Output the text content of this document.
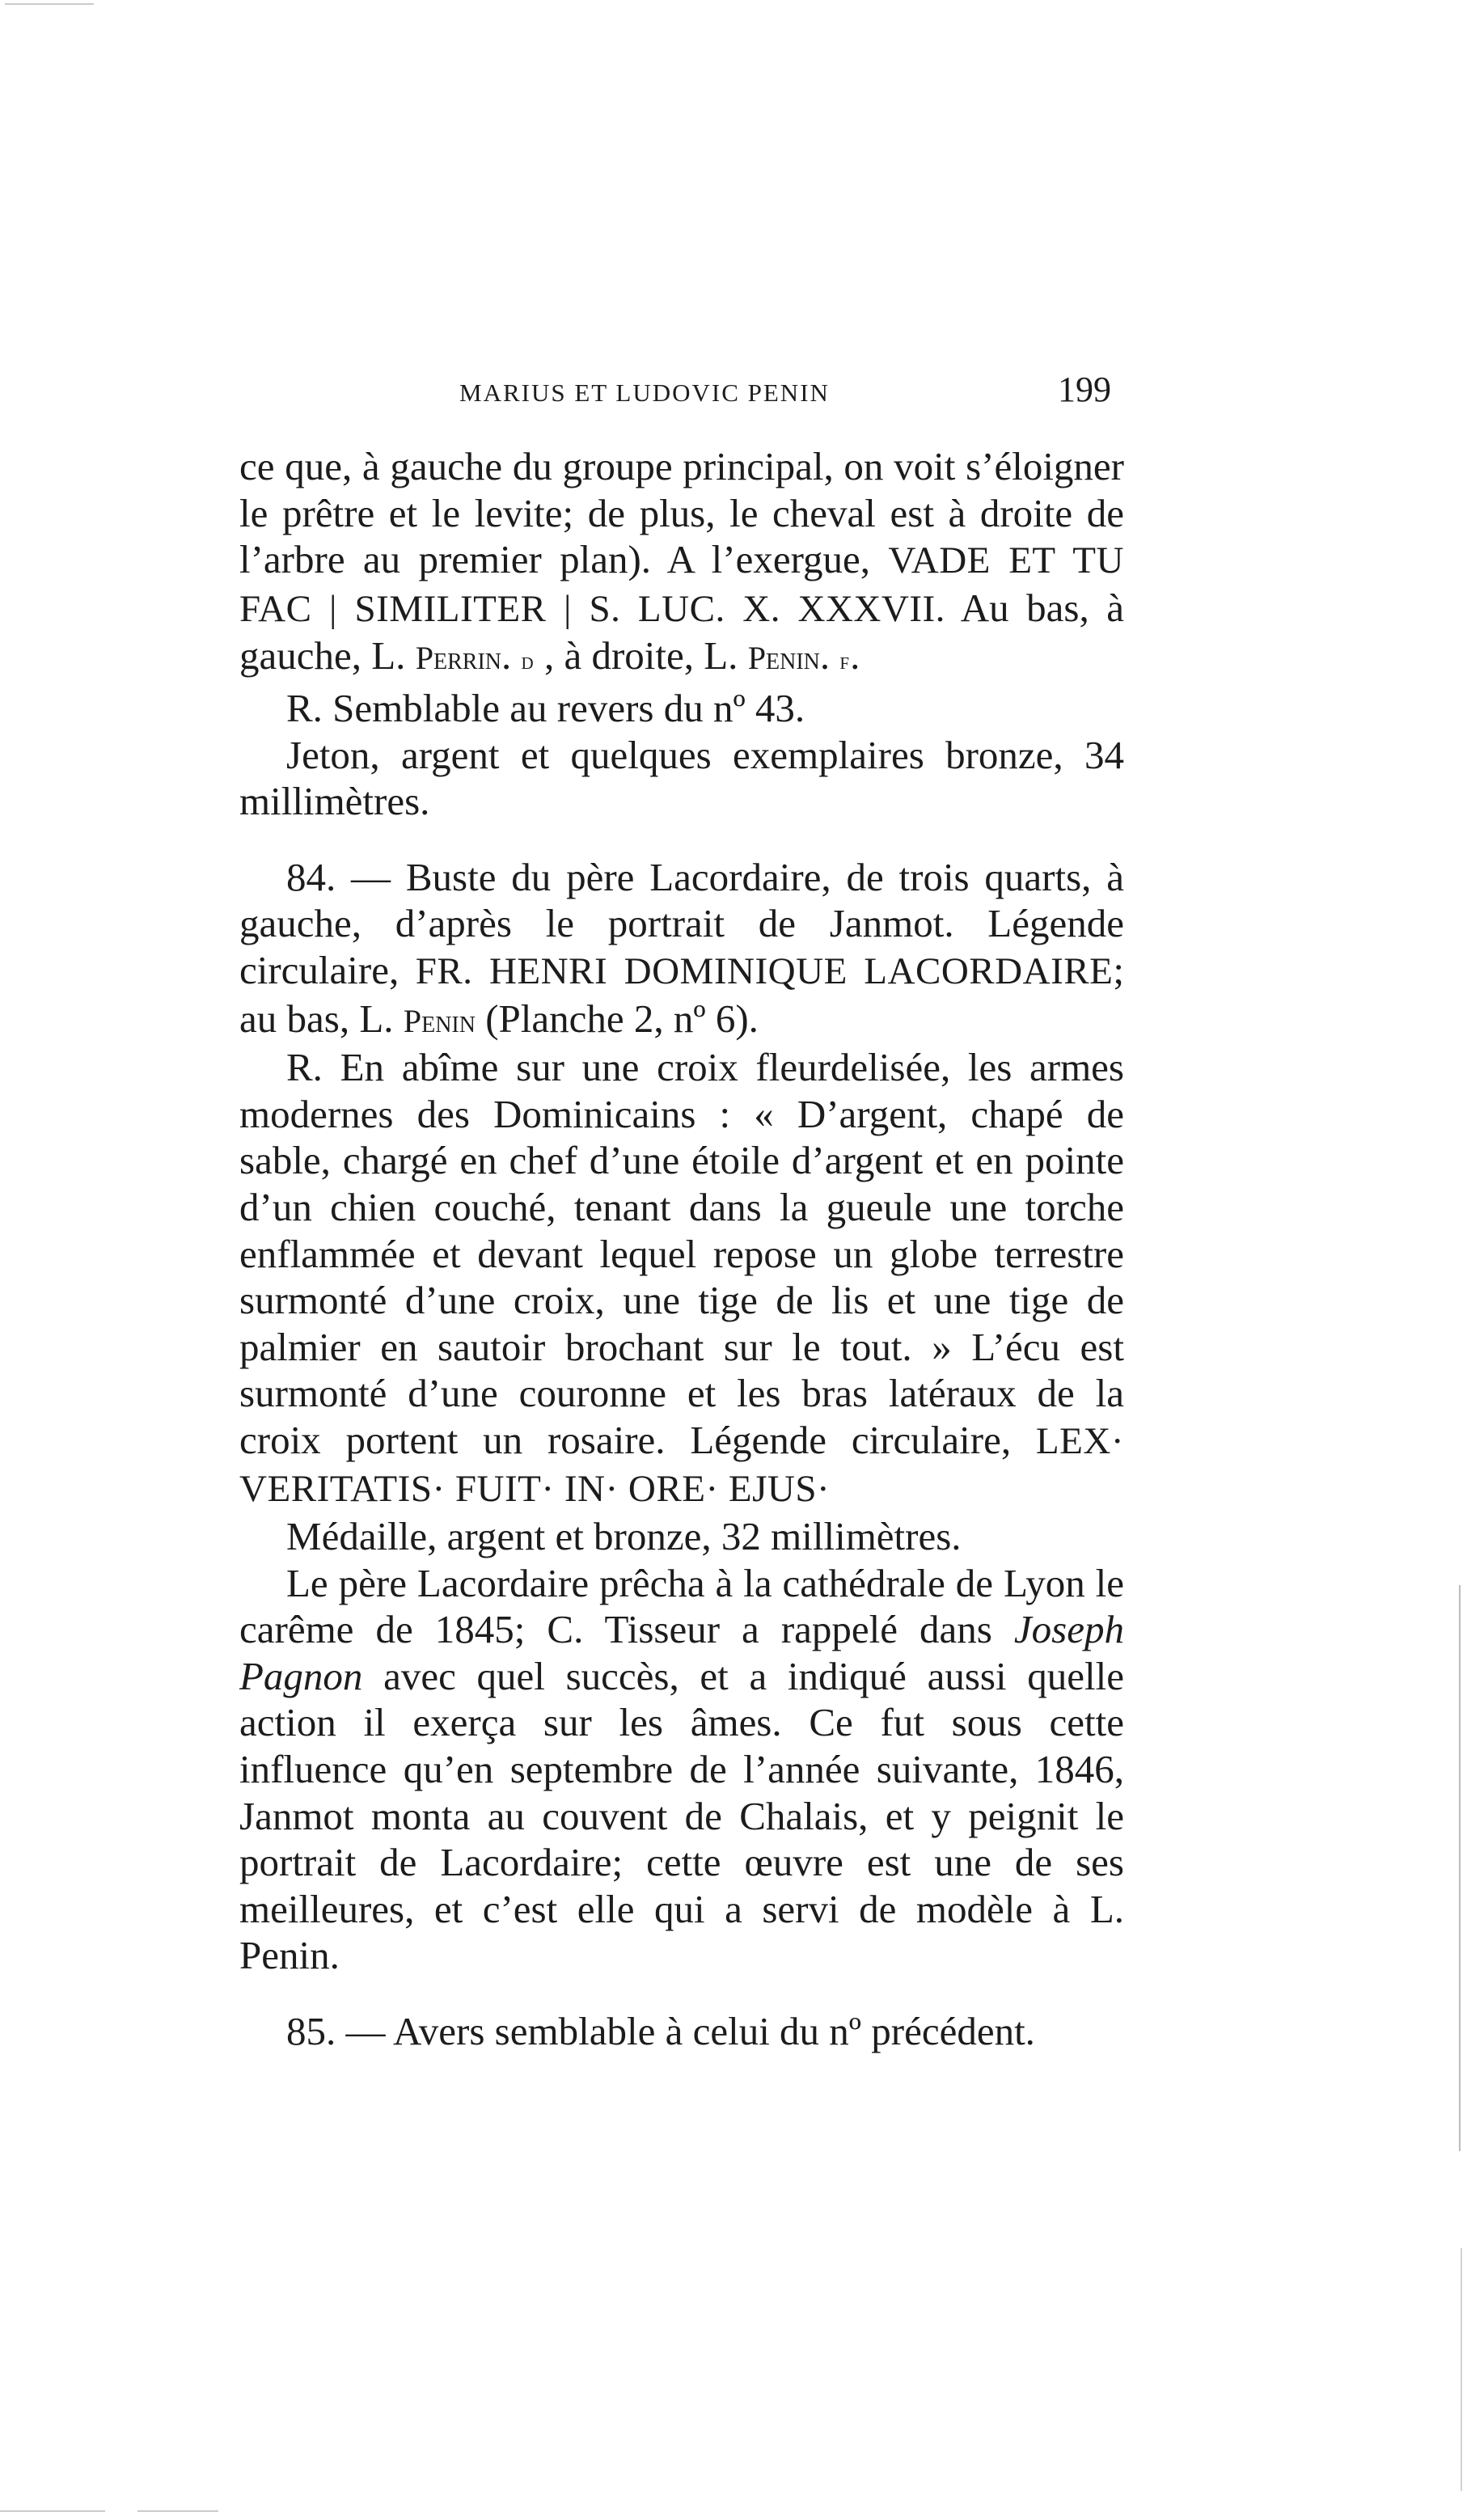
MARIUS ET LUDOVIC PENIN	199

ce que, à gauche du groupe principal, on voit s’éloigner le prêtre et le levite; de plus, le cheval est à droite de l’arbre au premier plan). A l’exergue, VADE ET TU FAC | SIMILITER | S. LUC. X. XXXVII. Au bas, à gauche, L. Perrin. d , à droite, L. Penin. f.

R. Semblable au revers du nº 43.

Jeton, argent et quelques exemplaires bronze, 34 millimètres.

84. — Buste du père Lacordaire, de trois quarts, à gauche, d’après le portrait de Janmot. Légende circulaire, FR. HENRI DOMINIQUE LACORDAIRE; au bas, L. Penin (Planche 2, nº 6).

R. En abîme sur une croix fleurdelisée, les armes modernes des Dominicains : « D’argent, chapé de sable, chargé en chef d’une étoile d’argent et en pointe d’un chien couché, tenant dans la gueule une torche enflammée et devant lequel repose un globe terrestre surmonté d’une croix, une tige de lis et une tige de palmier en sautoir brochant sur le tout. » L’écu est surmonté d’une couronne et les bras latéraux de la croix portent un rosaire. Légende circulaire, LEX· VERITATIS· FUIT· IN· ORE· EJUS·

Médaille, argent et bronze, 32 millimètres.

Le père Lacordaire prêcha à la cathédrale de Lyon le carême de 1845; C. Tisseur a rappelé dans Joseph Pagnon avec quel succès, et a indiqué aussi quelle action il exerça sur les âmes. Ce fut sous cette influence qu’en septembre de l’année suivante, 1846, Janmot monta au couvent de Chalais, et y peignit le portrait de Lacordaire; cette œuvre est une de ses meilleures, et c’est elle qui a servi de modèle à L. Penin.

85. — Avers semblable à celui du nº précédent.
